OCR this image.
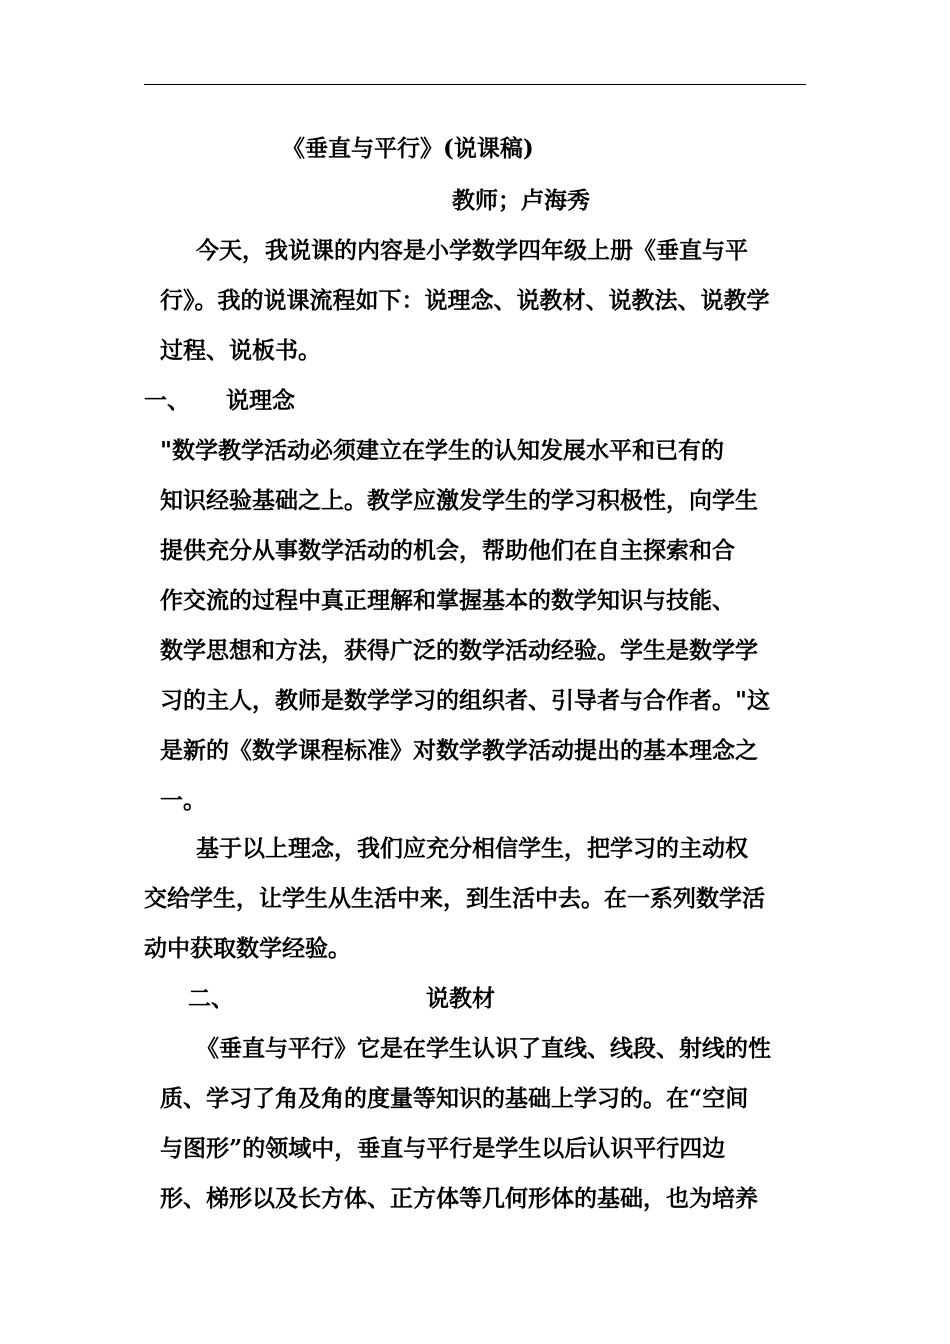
《垂直与平行》(说课稿)
教师；卢海秀
今天，我说课的内容是小学数学四年级上册《垂直与平
行》。我的说课流程如下：说理念、说教材、说教法、说教学
过程、说板书。
一、 说理念
"数学教学活动必须建立在学生的认知发展水平和已有的
知识经验基础之上。教学应激发学生的学习积极性，向学生
提供充分从事数学活动的机会，帮助他们在自主探索和合
作交流的过程中真正理解和掌握基本的数学知识与技能、
数学思想和方法，获得广泛的数学活动经验。学生是数学学
习的主人，教师是数学学习的组织者、引导者与合作者。"这
是新的《数学课程标准》对数学教学活动提出的基本理念之
一。
基于以上理念，我们应充分相信学生，把学习的主动权
交给学生，让学生从生活中来，到生活中去。在一系列数学活
动中获取数学经验。
二、	说教材
《垂直与平行》它是在学生认识了直线、线段、射线的性
质、学习了角及角的度量等知识的基础上学习的。在“空间
与图形”的领域中，垂直与平行是学生以后认识平行四边
形、梯形以及长方体、正方体等几何形体的基础，也为培养
